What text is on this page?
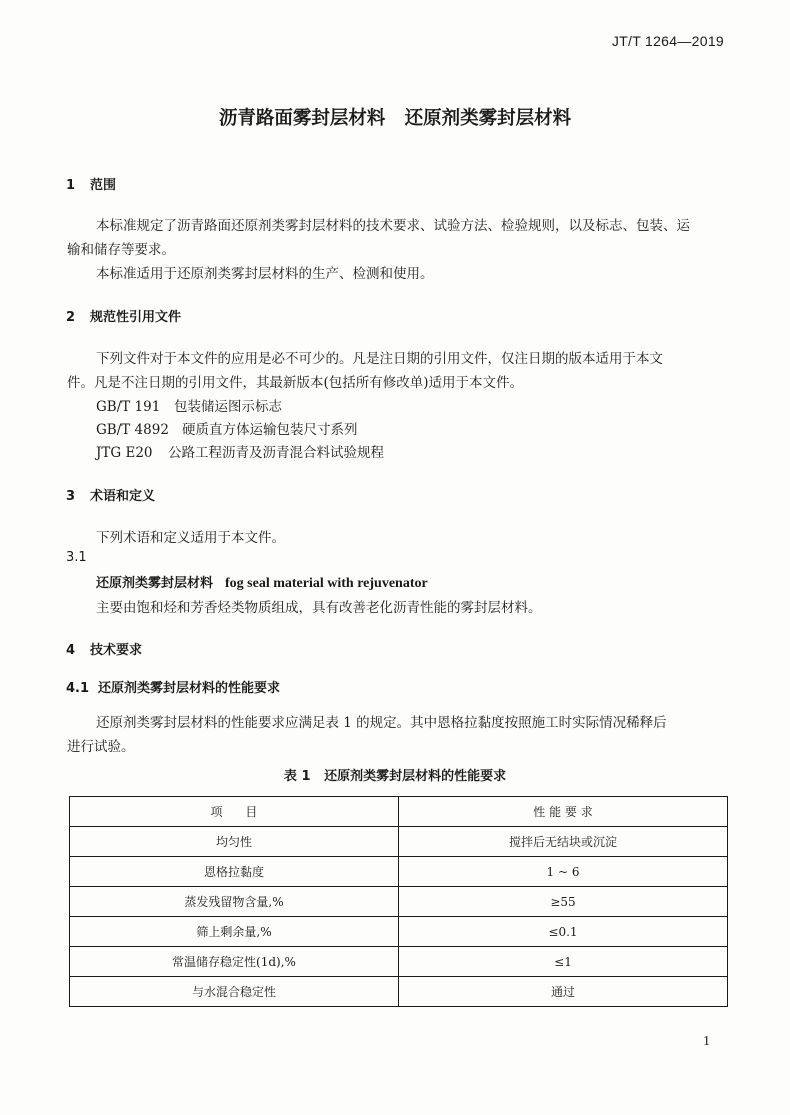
JT/T 1264—2019
沥青路面雾封层材料   还原剂类雾封层材料
1 范围
本标准规定了沥青路面还原剂类雾封层材料的技术要求、试验方法、检验规则，以及标志、包装、运
输和储存等要求。
本标准适用于还原剂类雾封层材料的生产、检测和使用。
2 规范性引用文件
下列文件对于本文件的应用是必不可少的。凡是注日期的引用文件，仅注日期的版本适用于本文
件。凡是不注日期的引用文件，其最新版本(包括所有修改单)适用于本文件。
GB/T 191 包装储运图示标志
GB/T 4892 硬质直方体运输包装尺寸系列
JTG E20 公路工程沥青及沥青混合料试验规程
3 术语和定义
下列术语和定义适用于本文件。
3.1
还原剂类雾封层材料 fog seal material with rejuvenator
主要由饱和烃和芳香烃类物质组成，具有改善老化沥青性能的雾封层材料。
4 技术要求
4.1 还原剂类雾封层材料的性能要求
还原剂类雾封层材料的性能要求应满足表 1 的规定。其中恩格拉黏度按照施工时实际情况稀释后
进行试验。
表 1   还原剂类雾封层材料的性能要求
项      目	性 能 要 求
均匀性	搅拌后无结块或沉淀
恩格拉黏度	1 ~ 6
蒸发残留物含量,%	≥55
筛上剩余量,%	≤0.1
常温储存稳定性(1d),%	≤1
与水混合稳定性	通过
1
